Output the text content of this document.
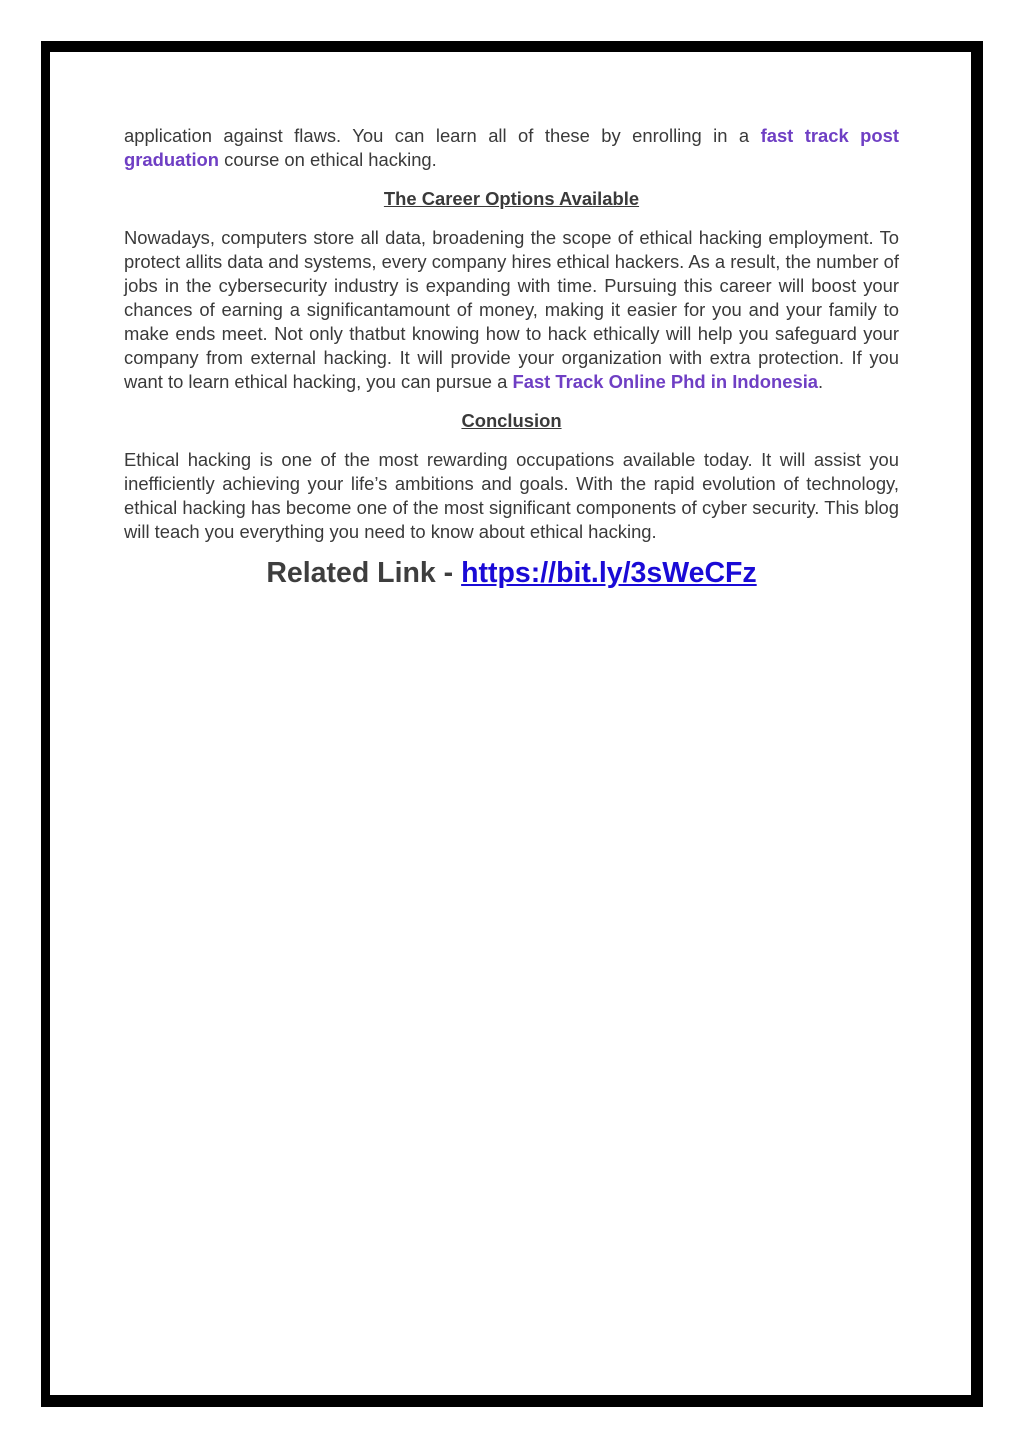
application against flaws. You can learn all of these by enrolling in a fast track post graduation course on ethical hacking.

The Career Options Available

Nowadays, computers store all data, broadening the scope of ethical hacking employment. To protect allits data and systems, every company hires ethical hackers. As a result, the number of jobs in the cybersecurity industry is expanding with time. Pursuing this career will boost your chances of earning a significantamount of money, making it easier for you and your family to make ends meet. Not only thatbut knowing how to hack ethically will help you safeguard your company from external hacking. It will provide your organization with extra protection. If you want to learn ethical hacking, you can pursue a Fast Track Online Phd in Indonesia.

Conclusion

Ethical hacking is one of the most rewarding occupations available today. It will assist you inefficiently achieving your life’s ambitions and goals. With the rapid evolution of technology, ethical hacking has become one of the most significant components of cyber security. This blog will teach you everything you need to know about ethical hacking.

Related Link - https://bit.ly/3sWeCFz
